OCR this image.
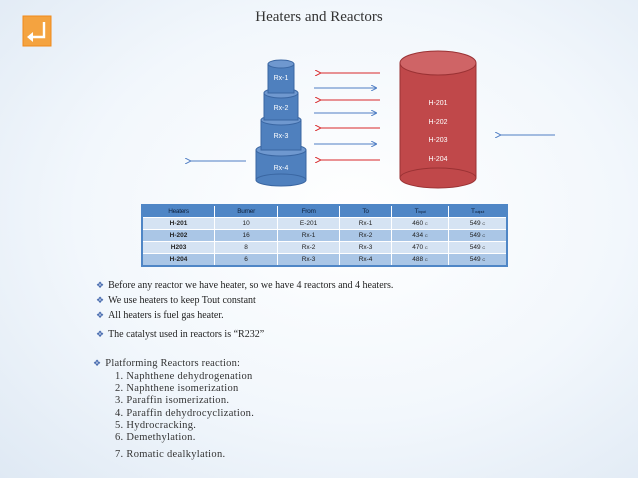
Heaters and Reactors
Rx-1
Rx-2
Rx-3
Rx-4
H-201
H-202
H-203
H-204
Heaters	Burner	From	To	Tinput	Toutput
H-201	10	E-201	Rx-1	460 C	549 C
H-202	16	Rx-1	Rx-2	434 C	549 C
H203	8	Rx-2	Rx-3	470 C	549 C
H-204	6	Rx-3	Rx-4	488 C	549 C
❖ Before any reactor we have heater, so we have 4 reactors and 4 heaters.
❖ We use heaters to keep Tout constant
❖ All heaters is fuel gas heater.
❖ The catalyst used in reactors is “R232”
❖ Platforming Reactors reaction:
1. Naphthene dehydrogenation
2. Naphthene isomerization
3. Paraffin isomerization.
4. Paraffin dehydrocyclization.
5. Hydrocracking.
6. Demethylation.
7. Romatic dealkylation.
